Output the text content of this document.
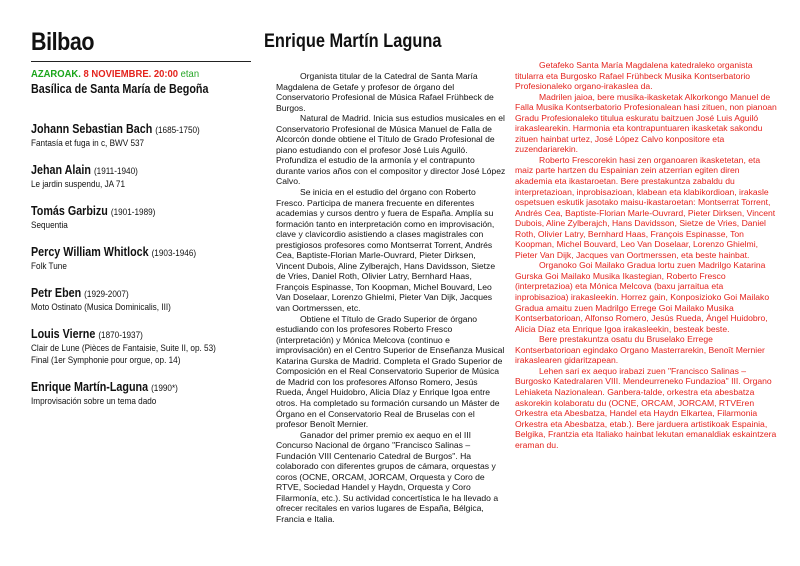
Bilbao
AZAROAK. 8 NOVIEMBRE. 20:00 etan
Basílica de Santa María de Begoña
Johann Sebastian Bach (1685-1750)
Fantasía et fuga in c, BWV 537
Jehan Alain (1911-1940)
Le jardin suspendu, JA 71
Tomás Garbizu (1901-1989)
Sequentia
Percy William Whitlock (1903-1946)
Folk Tune
Petr Eben (1929-2007)
Moto Ostinato (Musica Dominicalis, III)
Louis Vierne (1870-1937)
Clair de Lune (Pièces de Fantaisie, Suite II, op. 53)
Final (1er Symphonie pour orgue, op. 14)
Enrique Martín-Laguna (1990*)
Improvisación sobre un tema dado
Enrique Martín Laguna

Organista titular de la Catedral de Santa María Magdalena de Getafe y profesor de órgano del Conservatorio Profesional de Música Rafael Frühbeck de Burgos.

Natural de Madrid. Inicia sus estudios musicales en el Conservatorio Profesional de Música Manuel de Falla de Alcorcón donde obtiene el Título de Grado Profesional de piano estudiando con el profesor José Luis Aguiló. Profundiza el estudio de la armonía y el contrapunto durante varios años con el compositor y director José López Calvo.

Se inicia en el estudio del órgano con Roberto Fresco. Participa de manera frecuente en diferentes academias y cursos dentro y fuera de España. Amplía su formación tanto en interpretación como en improvisación, clave y clavicordio asistiendo a clases magistrales con prestigiosos profesores como Montserrat Torrent, Andrés Cea, Baptiste-Florian Marle-Ouvrard, Pieter Dirksen, Vincent Dubois, Aline Zylberajch, Hans Davidsson, Sietze de Vries, Daniel Roth, Olivier Latry, Bernhard Haas, François Espinasse, Ton Koopman, Michel Bouvard, Leo Van Doselaar, Lorenzo Ghielmi, Pieter Van Dijk, Jacques van Oortmerssen, etc.

Obtiene el Título de Grado Superior de órgano estudiando con los profesores Roberto Fresco (interpretación) y Mónica Melcova (continuo e improvisación) en el Centro Superior de Enseñanza Musical Katarina Gurska de Madrid. Completa el Grado Superior de Composición en el Real Conservatorio Superior de Música de Madrid con los profesores Alfonso Romero, Jesús Rueda, Ángel Huidobro, Alicia Díaz y Enrique Igoa entre otros. Ha completado su formación cursando un Máster de Órgano en el Conservatorio Real de Bruselas con el profesor Benoît Mernier.

Ganador del primer premio ex aequo en el III Concurso Nacional de órgano "Francisco Salinas – Fundación VIII Centenario Catedral de Burgos". Ha colaborado con diferentes grupos de cámara, orquestas y coros (OCNE, ORCAM, JORCAM, Orquesta y Coro de RTVE, Sociedad Handel y Haydn, Orquesta y Coro Filarmonía, etc.). Su actividad concertística le ha llevado a ofrecer recitales en varios lugares de España, Bélgica, Francia e Italia.

Getafeko Santa María Magdalena katedraleko organista titularra eta Burgosko Rafael Frühbeck Musika Kontserbatorio Profesionaleko organo-irakaslea da.

Madrilen jaioa, bere musika-ikasketak Alkorkongo Manuel de Falla Musika Kontserbatorio Profesionalean hasi zituen, non pianoan Gradu Profesionaleko titulua eskuratu baitzuen José Luis Aguiló irakaslearekin. Harmonia eta kontrapuntuaren ikasketak sakondu zituen hainbat urtez, José López Calvo konpositore eta zuzendariarekin.

Roberto Frescorekin hasi zen organoaren ikasketetan, eta maiz parte hartzen du Espainian zein atzerrian egiten diren akademia eta ikastaroetan. Bere prestakuntza zabaldu du interpretazioan, inprobisazioan, klabean eta klabikordioan, irakasle ospetsuen eskutik jasotako maisu-ikastaroetan: Montserrat Torrent, Andrés Cea, Baptiste-Florian Marle-Ouvrard, Pieter Dirksen, Vincent Dubois, Aline Zylberajch, Hans Davidsson, Sietze de Vries, Daniel Roth, Olivier Latry, Bernhard Haas, François Espinasse, Ton Koopman, Michel Bouvard, Leo Van Doselaar, Lorenzo Ghielmi, Pieter Van Dijk, Jacques van Oortmerssen, eta beste hainbat.

Organoko Goi Mailako Gradua lortu zuen Madrilgo Katarina Gurska Goi Mailako Musika Ikastegian, Roberto Fresco (interpretazioa) eta Mónica Melcova (baxu jarraitua eta inprobisazioa) irakasleekin. Horrez gain, Konposizioko Goi Mailako Gradua amaitu zuen Madrilgo Errege Goi Mailako Musika Kontserbatorioan, Alfonso Romero, Jesús Rueda, Ángel Huidobro, Alicia Díaz eta Enrique Igoa irakasleekin, besteak beste.

Bere prestakuntza osatu du Bruselako Errege Kontserbatorioan egindako Organo Masterrarekin, Benoît Mernier irakaslearen gidaritzapean.

Lehen sari ex aequo irabazi zuen "Francisco Salinas – Burgosko Katedralaren VIII. Mendeurreneko Fundazioa" III. Organo Lehiaketa Nazionalean. Ganbera-talde, orkestra eta abesbatza askorekin kolaboratu du (OCNE, ORCAM, JORCAM, RTVEren Orkestra eta Abesbatza, Handel eta Haydn Elkartea, Filarmonia Orkestra eta Abesbatza, etab.). Bere jarduera artistikoak Espainia, Belgika, Frantzia eta Italiako hainbat lekutan emanaldiak eskaintzera eraman du.
